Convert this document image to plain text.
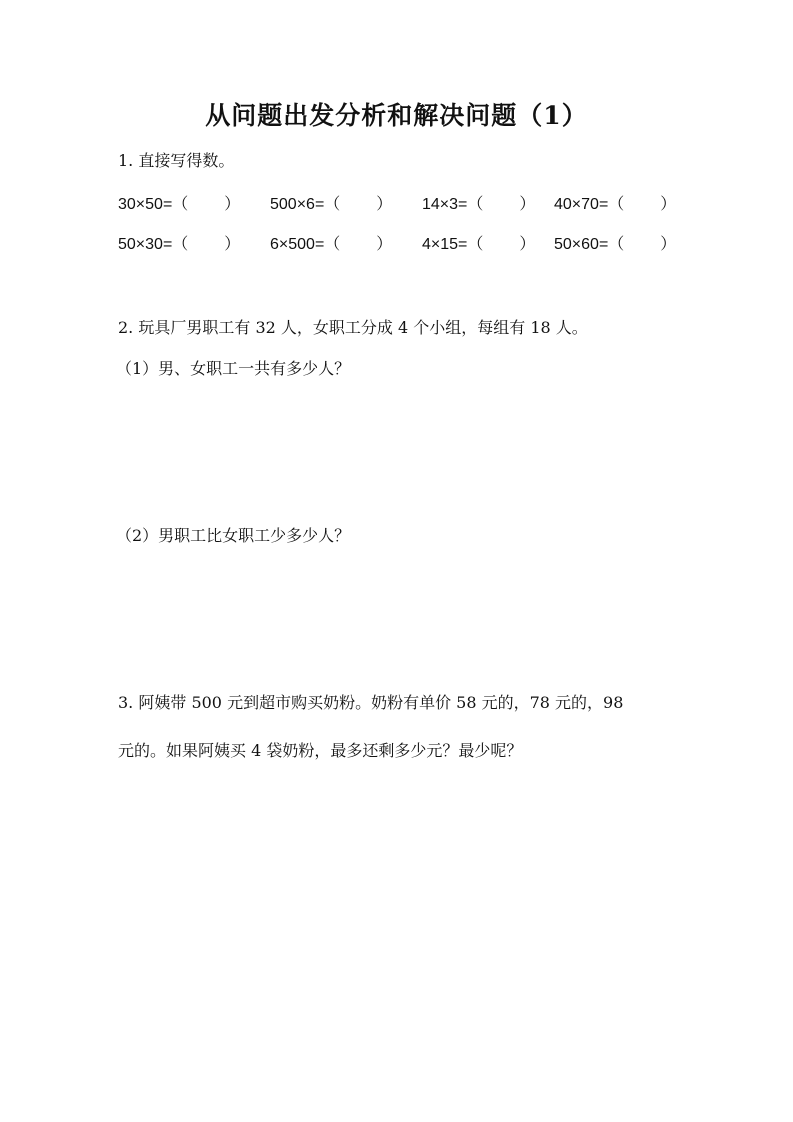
从问题出发分析和解决问题（1）
1. 直接写得数。
30×50=（ ） 500×6=（ ） 14×3=（ ） 40×70=（ ）
50×30=（ ） 6×500=（ ） 4×15=（ ） 50×60=（ ）
2. 玩具厂男职工有 32 人，女职工分成 4 个小组，每组有 18 人。
（1）男、女职工一共有多少人？
（2）男职工比女职工少多少人？
3. 阿姨带 500 元到超市购买奶粉。奶粉有单价 58 元的，78 元的，98
元的。如果阿姨买 4 袋奶粉，最多还剩多少元？最少呢？
